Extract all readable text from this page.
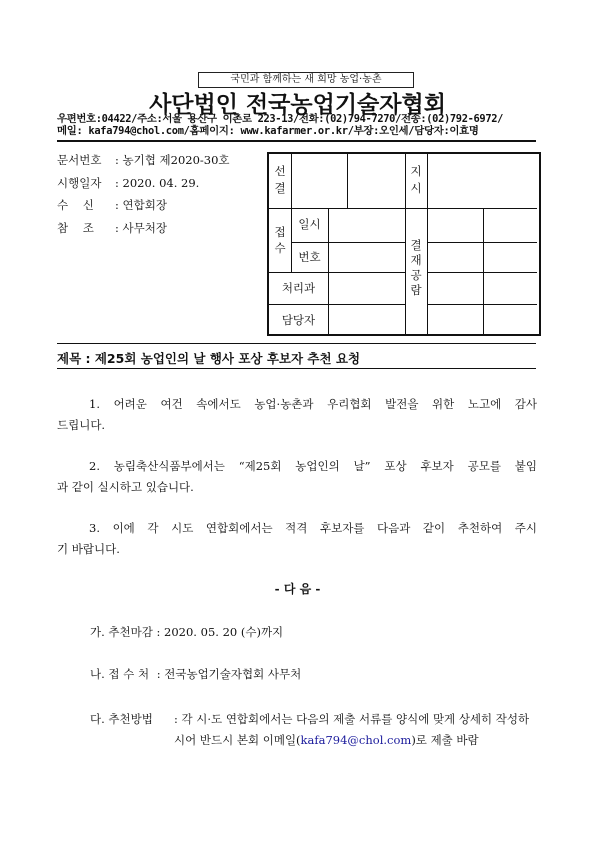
국민과 함께하는 새 희망 농업·농촌
사단법인 전국농업기술자협회
우편번호:04422/주소:서울 용산구 이촌로 223-13/전화:(02)794-7270/전송:(02)792-6972/
메일: kafa794@chol.com/홈페이지: www.kafarmer.or.kr/부장:오인세/담당자:이효명
문서번호 : 농기협 제2020-30호
시행일자 : 2020. 04. 29.
수    신 : 연합회장
참    조 : 사무처장
선
결
지
시
접
수
일시
번호
처리과
담당자
결
재
공
람
제목 : 제25회 농업인의 날 행사 포상 후보자 추천 요청
1. 어려운 여건 속에서도 농업·농촌과 우리협회 발전을 위한 노고에 감사
드립니다.
2. 농림축산식품부에서는 “제25회 농업인의 날” 포상 후보자 공모를 붙임
과 같이 실시하고 있습니다.
3. 이에 각 시도 연합회에서는 적격 후보자를 다음과 같이 추천하여 주시
기 바랍니다.
- 다 음 -
가. 추천마감 : 2020. 05. 20 (수)까지
나. 접 수 처 : 전국농업기술자협회 사무처
다. 추천방법 : 각 시·도 연합회에서는 다음의 제출 서류를 양식에 맞게 상세히 작성하시어 반드시 본회 이메일(kafa794@chol.com)로 제출 바람
